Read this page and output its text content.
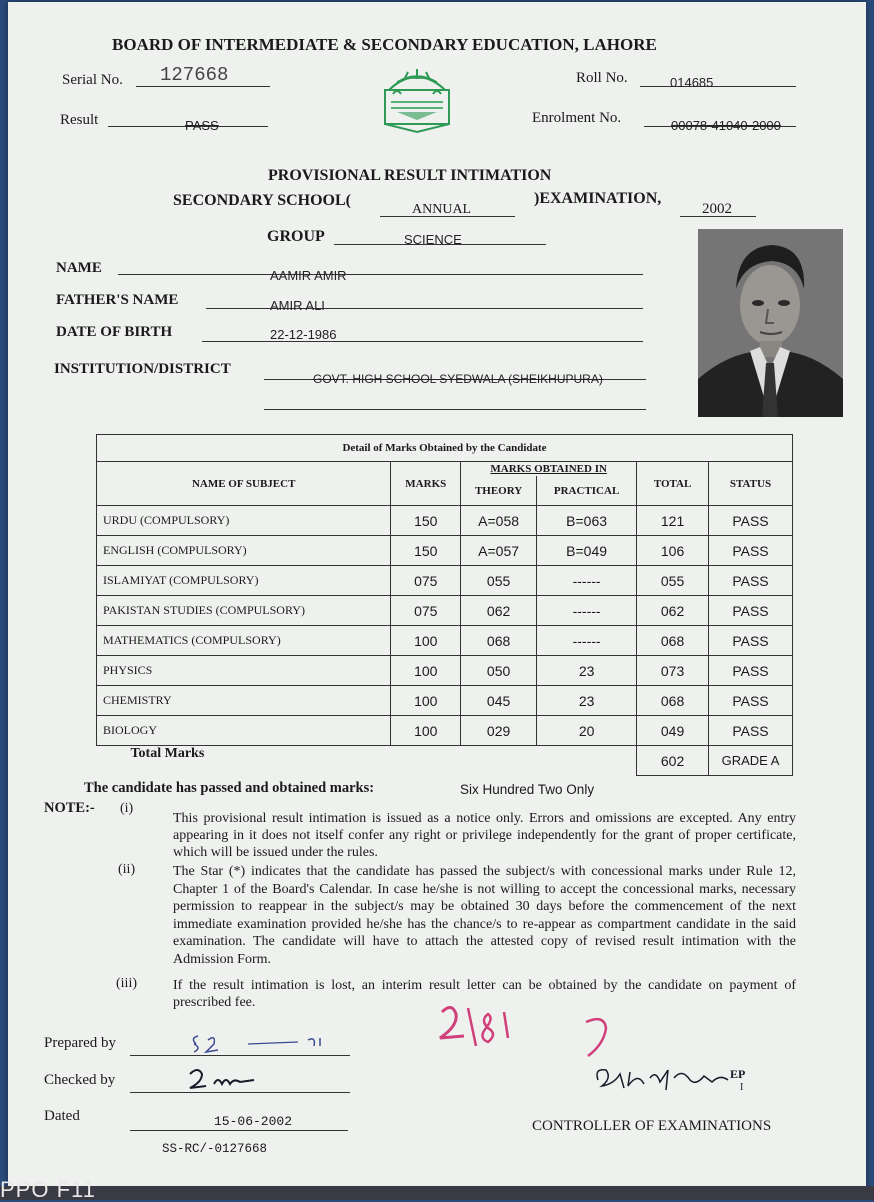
BOARD OF INTERMEDIATE & SECONDARY EDUCATION, LAHORE
Serial No. 127668	Roll No.	014685
Result	PASS	Enrolment No.	00078-41040-2000
PROVISIONAL RESULT INTIMATION
SECONDARY SCHOOL(
ANNUAL
)EXAMINATION,
2002
GROUP	SCIENCE
NAME	AAMIR AMIR
FATHER'S NAME	AMIR ALI
DATE OF BIRTH	22-12-1986
INSTITUTION/DISTRICT
GOVT. HIGH SCHOOL SYEDWALA (SHEIKHUPURA)
Detail of Marks Obtained by the Candidate					
NAME OF SUBJECT	MARKS	MARKS OBTAINED IN		TOTAL	STATUS
		THEORY	PRACTICAL		
URDU (COMPULSORY)	150	A=058	B=063	121	PASS
ENGLISH (COMPULSORY)	150	A=057	B=049	106	PASS
ISLAMIYAT (COMPULSORY)	075	055	------	055	PASS
PAKISTAN STUDIES (COMPULSORY)	075	062	------	062	PASS
MATHEMATICS (COMPULSORY)	100	068	------	068	PASS
PHYSICS	100	050	23	073	PASS
CHEMISTRY	100	045	23	068	PASS
BIOLOGY	100	029	20	049	PASS
Total Marks				602	GRADE A
The candidate has passed and obtained marks:	Six Hundred Two Only
NOTE:- (i)
This provisional result intimation is issued as a notice only. Errors and omissions are excepted. Any entry appearing in it does not itself confer any right or privilege independently for the grant of proper certificate, which will be issued under the rules.
(ii)	The Star (*) indicates that the candidate has passed the subject/s with concessional marks under Rule 12, Chapter 1 of the Board's Calendar. In case he/she is not willing to accept the concessional marks, necessary permission to reappear in the subject/s may be obtained 30 days before the commencement of the next immediate examination provided he/she has the chance/s to re-appear as compartment candidate in the said examination. The candidate will have to attach the attested copy of revised result intimation with the Admission Form.
(iii)	If the result intimation is lost, an interim result letter can be obtained by the candidate on payment of prescribed fee.
Prepared by
Checked by
Dated	15-06-2002
SS-RC/-0127668
EP
I
CONTROLLER OF EXAMINATIONS
PPO F11
